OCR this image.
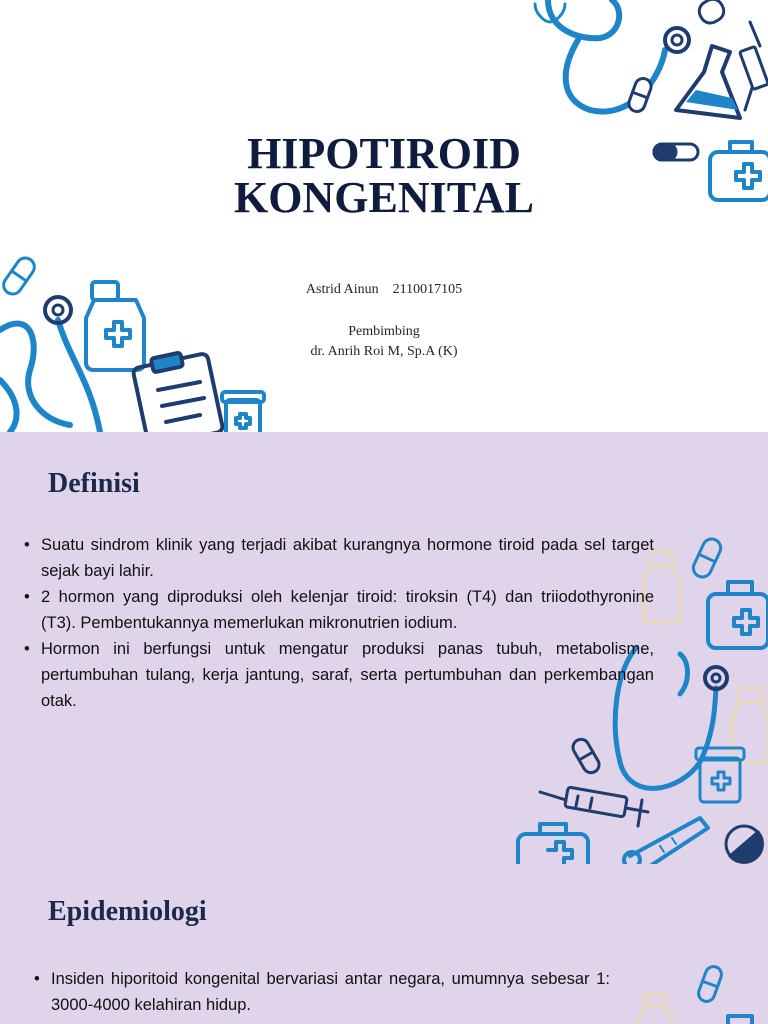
HIPOTIROID
KONGENITAL
Astrid Ainun 2110017105
Pembimbing
dr. Anrih Roi M, Sp.A (K)
Definisi
• Suatu sindrom klinik yang terjadi akibat kurangnya hormone tiroid pada sel target sejak bayi lahir.
• 2 hormon yang diproduksi oleh kelenjar tiroid: tiroksin (T4) dan triiodothyronine (T3). Pembentukannya memerlukan mikronutrien iodium.
• Hormon ini berfungsi untuk mengatur produksi panas tubuh, metabolisme, pertumbuhan tulang, kerja jantung, saraf, serta pertumbuhan dan perkembangan otak.
Epidemiologi
• Insiden hiporitoid kongenital bervariasi antar negara, umumnya sebesar 1: 3000-4000 kelahiran hidup.
